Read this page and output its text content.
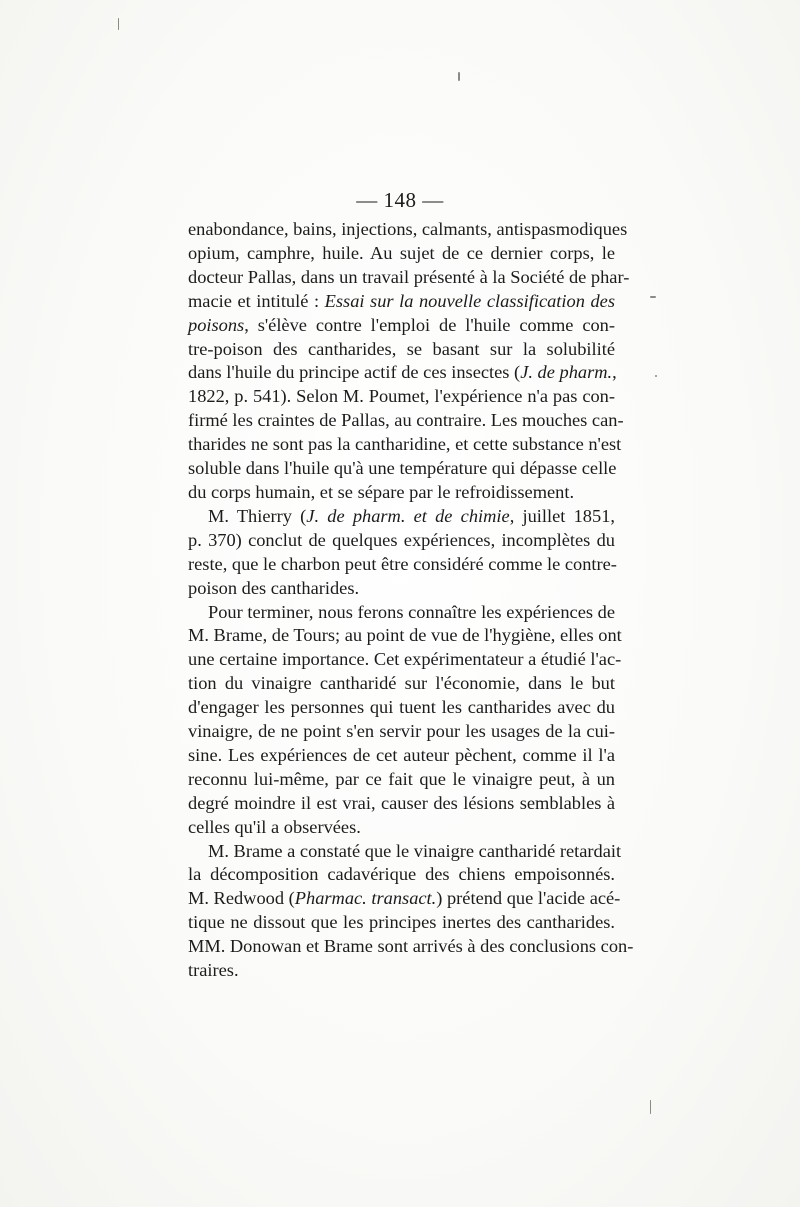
— 148 —
enabondance, bains, injections, calmants, antispasmodiques
opium, camphre, huile. Au sujet de ce dernier corps, le
docteur Pallas, dans un travail présenté à la Société de phar-
macie et intitulé : Essai sur la nouvelle classification des
poisons, s'élève contre l'emploi de l'huile comme con-
tre-poison des cantharides, se basant sur la solubilité
dans l'huile du principe actif de ces insectes (J. de pharm.,
1822, p. 541). Selon M. Poumet, l'expérience n'a pas con-
firmé les craintes de Pallas, au contraire. Les mouches can-
tharides ne sont pas la cantharidine, et cette substance n'est
soluble dans l'huile qu'à une température qui dépasse celle
du corps humain, et se sépare par le refroidissement.
M. Thierry (J. de pharm. et de chimie, juillet 1851,
p. 370) conclut de quelques expériences, incomplètes du
reste, que le charbon peut être considéré comme le contre-
poison des cantharides.
Pour terminer, nous ferons connaître les expériences de
M. Brame, de Tours; au point de vue de l'hygiène, elles ont
une certaine importance. Cet expérimentateur a étudié l'ac-
tion du vinaigre cantharidé sur l'économie, dans le but
d'engager les personnes qui tuent les cantharides avec du
vinaigre, de ne point s'en servir pour les usages de la cui-
sine. Les expériences de cet auteur pèchent, comme il l'a
reconnu lui-même, par ce fait que le vinaigre peut, à un
degré moindre il est vrai, causer des lésions semblables à
celles qu'il a observées.
M. Brame a constaté que le vinaigre cantharidé retardait
la décomposition cadavérique des chiens empoisonnés.
M. Redwood (Pharmac. transact.) prétend que l'acide acé-
tique ne dissout que les principes inertes des cantharides.
MM. Donowan et Brame sont arrivés à des conclusions con-
traires.
